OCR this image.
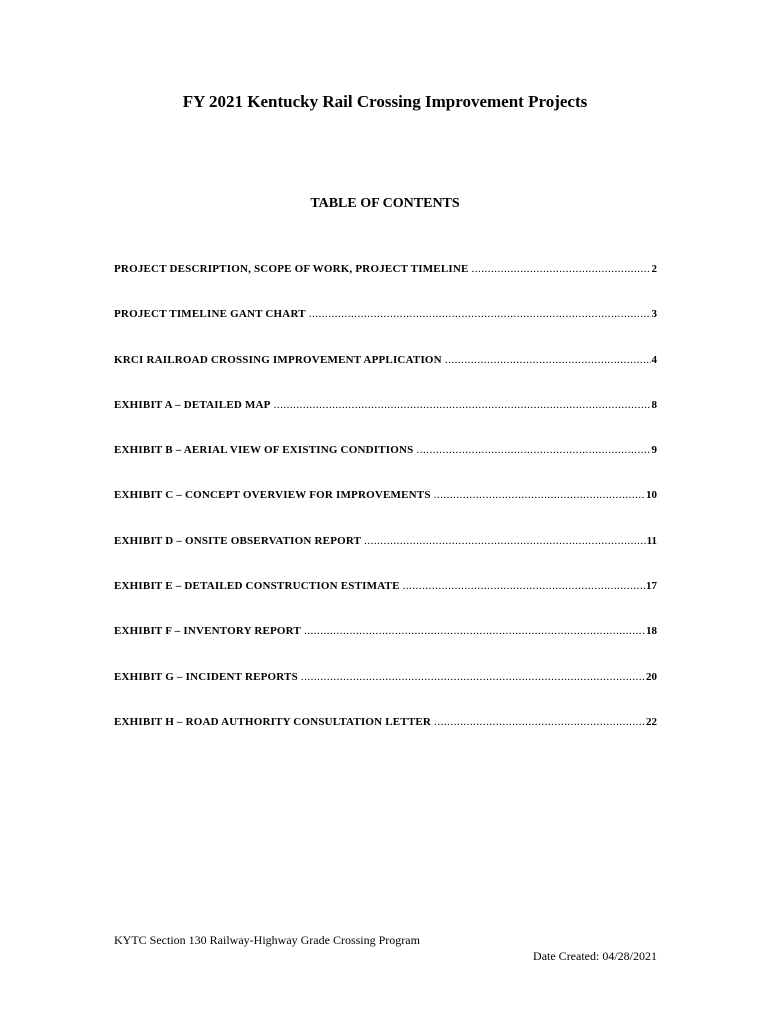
FY 2021 Kentucky Rail Crossing Improvement Projects
TABLE OF CONTENTS
PROJECT DESCRIPTION, SCOPE OF WORK, PROJECT TIMELINE .....	2
PROJECT TIMELINE GANT CHART .....	3
KRCI RAILROAD CROSSING IMPROVEMENT APPLICATION .....	4
EXHIBIT A – DETAILED MAP .....	8
EXHIBIT B – AERIAL VIEW OF EXISTING CONDITIONS .....	9
EXHIBIT C – CONCEPT OVERVIEW FOR IMPROVEMENTS .....	10
EXHIBIT D – ONSITE OBSERVATION REPORT .....	11
EXHIBIT E – DETAILED CONSTRUCTION ESTIMATE .....	17
EXHIBIT F – INVENTORY REPORT .....	18
EXHIBIT G – INCIDENT REPORTS .....	20
EXHIBIT H – ROAD AUTHORITY CONSULTATION LETTER .....	22

KYTC Section 130 Railway-Highway Grade Crossing Program

Date Created: 04/28/2021
